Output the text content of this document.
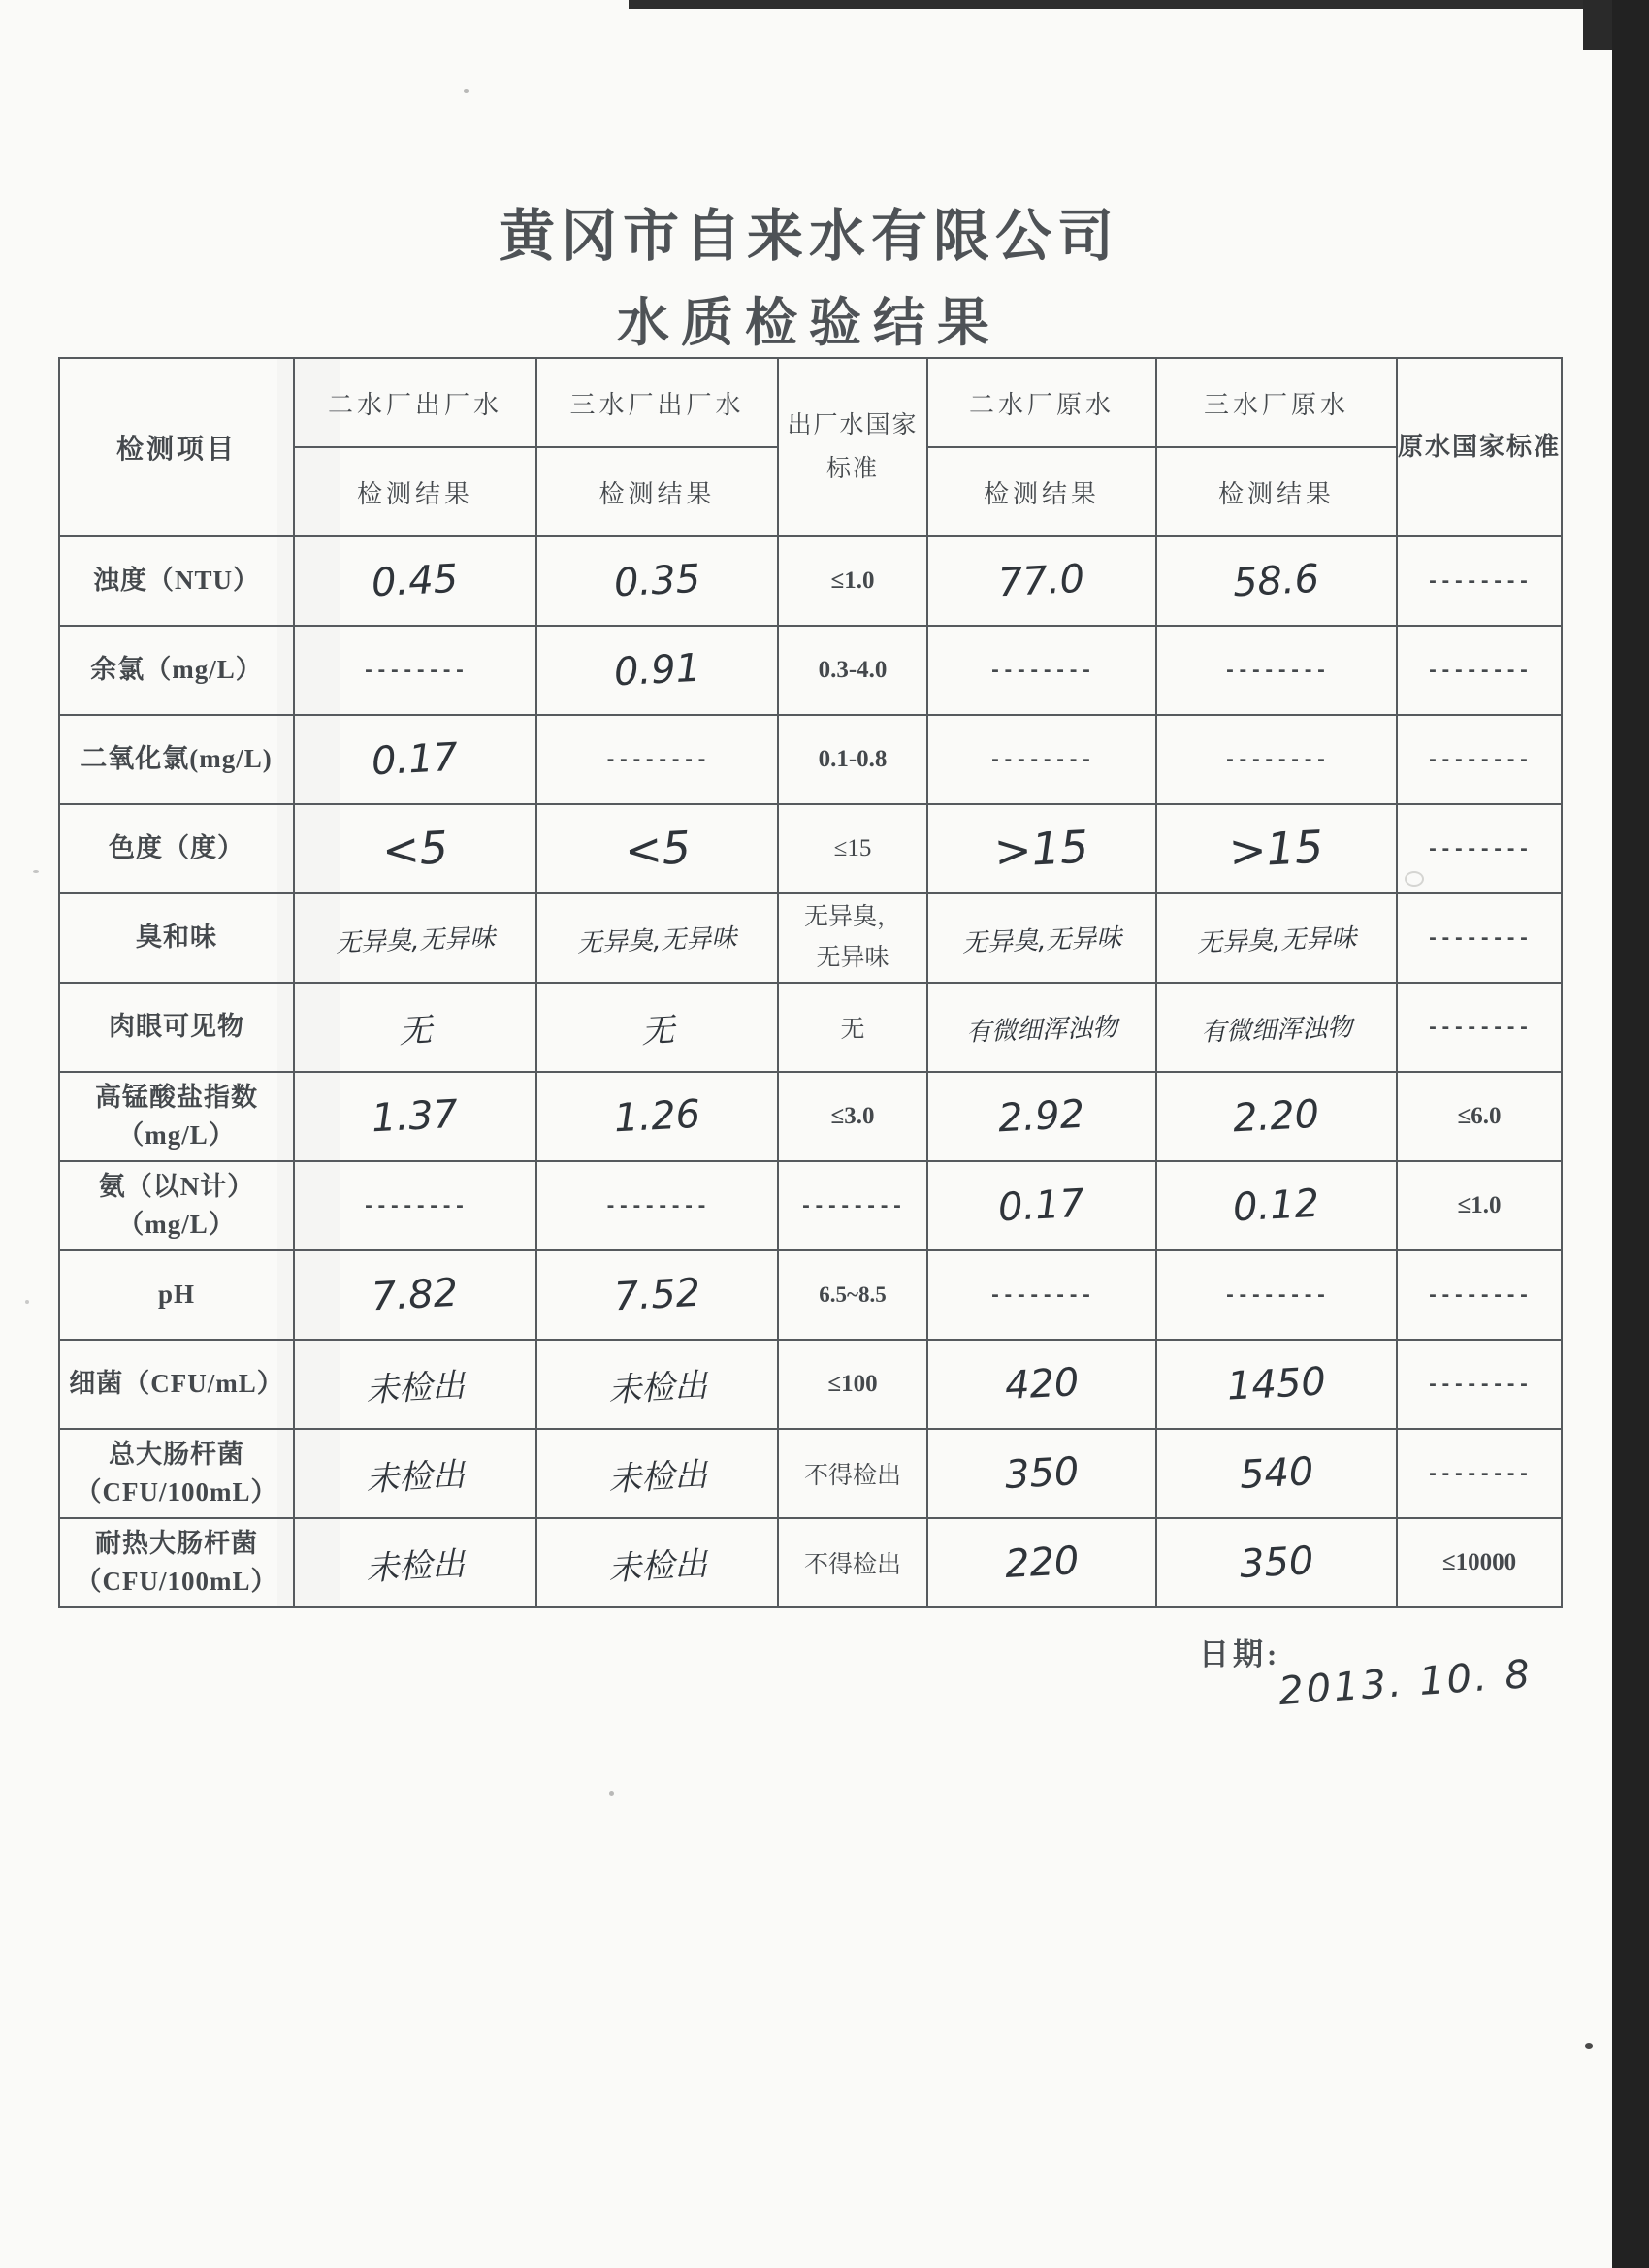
黄冈市自来水有限公司
水质检验结果
检测项目	二水厂出厂水	三水厂出厂水	出厂水国家标准	二水厂原水	三水厂原水	原水国家标准
	检测结果	检测结果		检测结果	检测结果	

浊度（NTU）	0.45	0.35	≤1.0	77.0	58.6	--------

余氯（mg/L）	--------	0.91	0.3-4.0	--------	--------	--------

二氧化氯(mg/L)	0.17	--------	0.1-0.8	--------	--------	--------

色度（度）	<5	<5	≤15	>15	>15	--------

臭和味	无异臭,无异味	无异臭,无异味	无异臭，无异味	无异臭,无异味	无异臭,无异味	--------

肉眼可见物	无	无	无	有微细浑浊物	有微细浑浊物	--------

高锰酸盐指数
（mg/L）	1.37	1.26	≤3.0	2.92	2.20	≤6.0

氨（以N计）
（mg/L）	--------	--------	--------	0.17	0.12	≤1.0

pH	7.82	7.52	6.5~8.5	--------	--------	--------

细菌（CFU/mL）	未检出	未检出	≤100	420	1450	--------

总大肠杆菌
（CFU/100mL）	未检出	未检出	不得检出	350	540	--------

耐热大肠杆菌
（CFU/100mL）	未检出	未检出	不得检出	220	350	≤10000
日期:
2013. 10. 8
